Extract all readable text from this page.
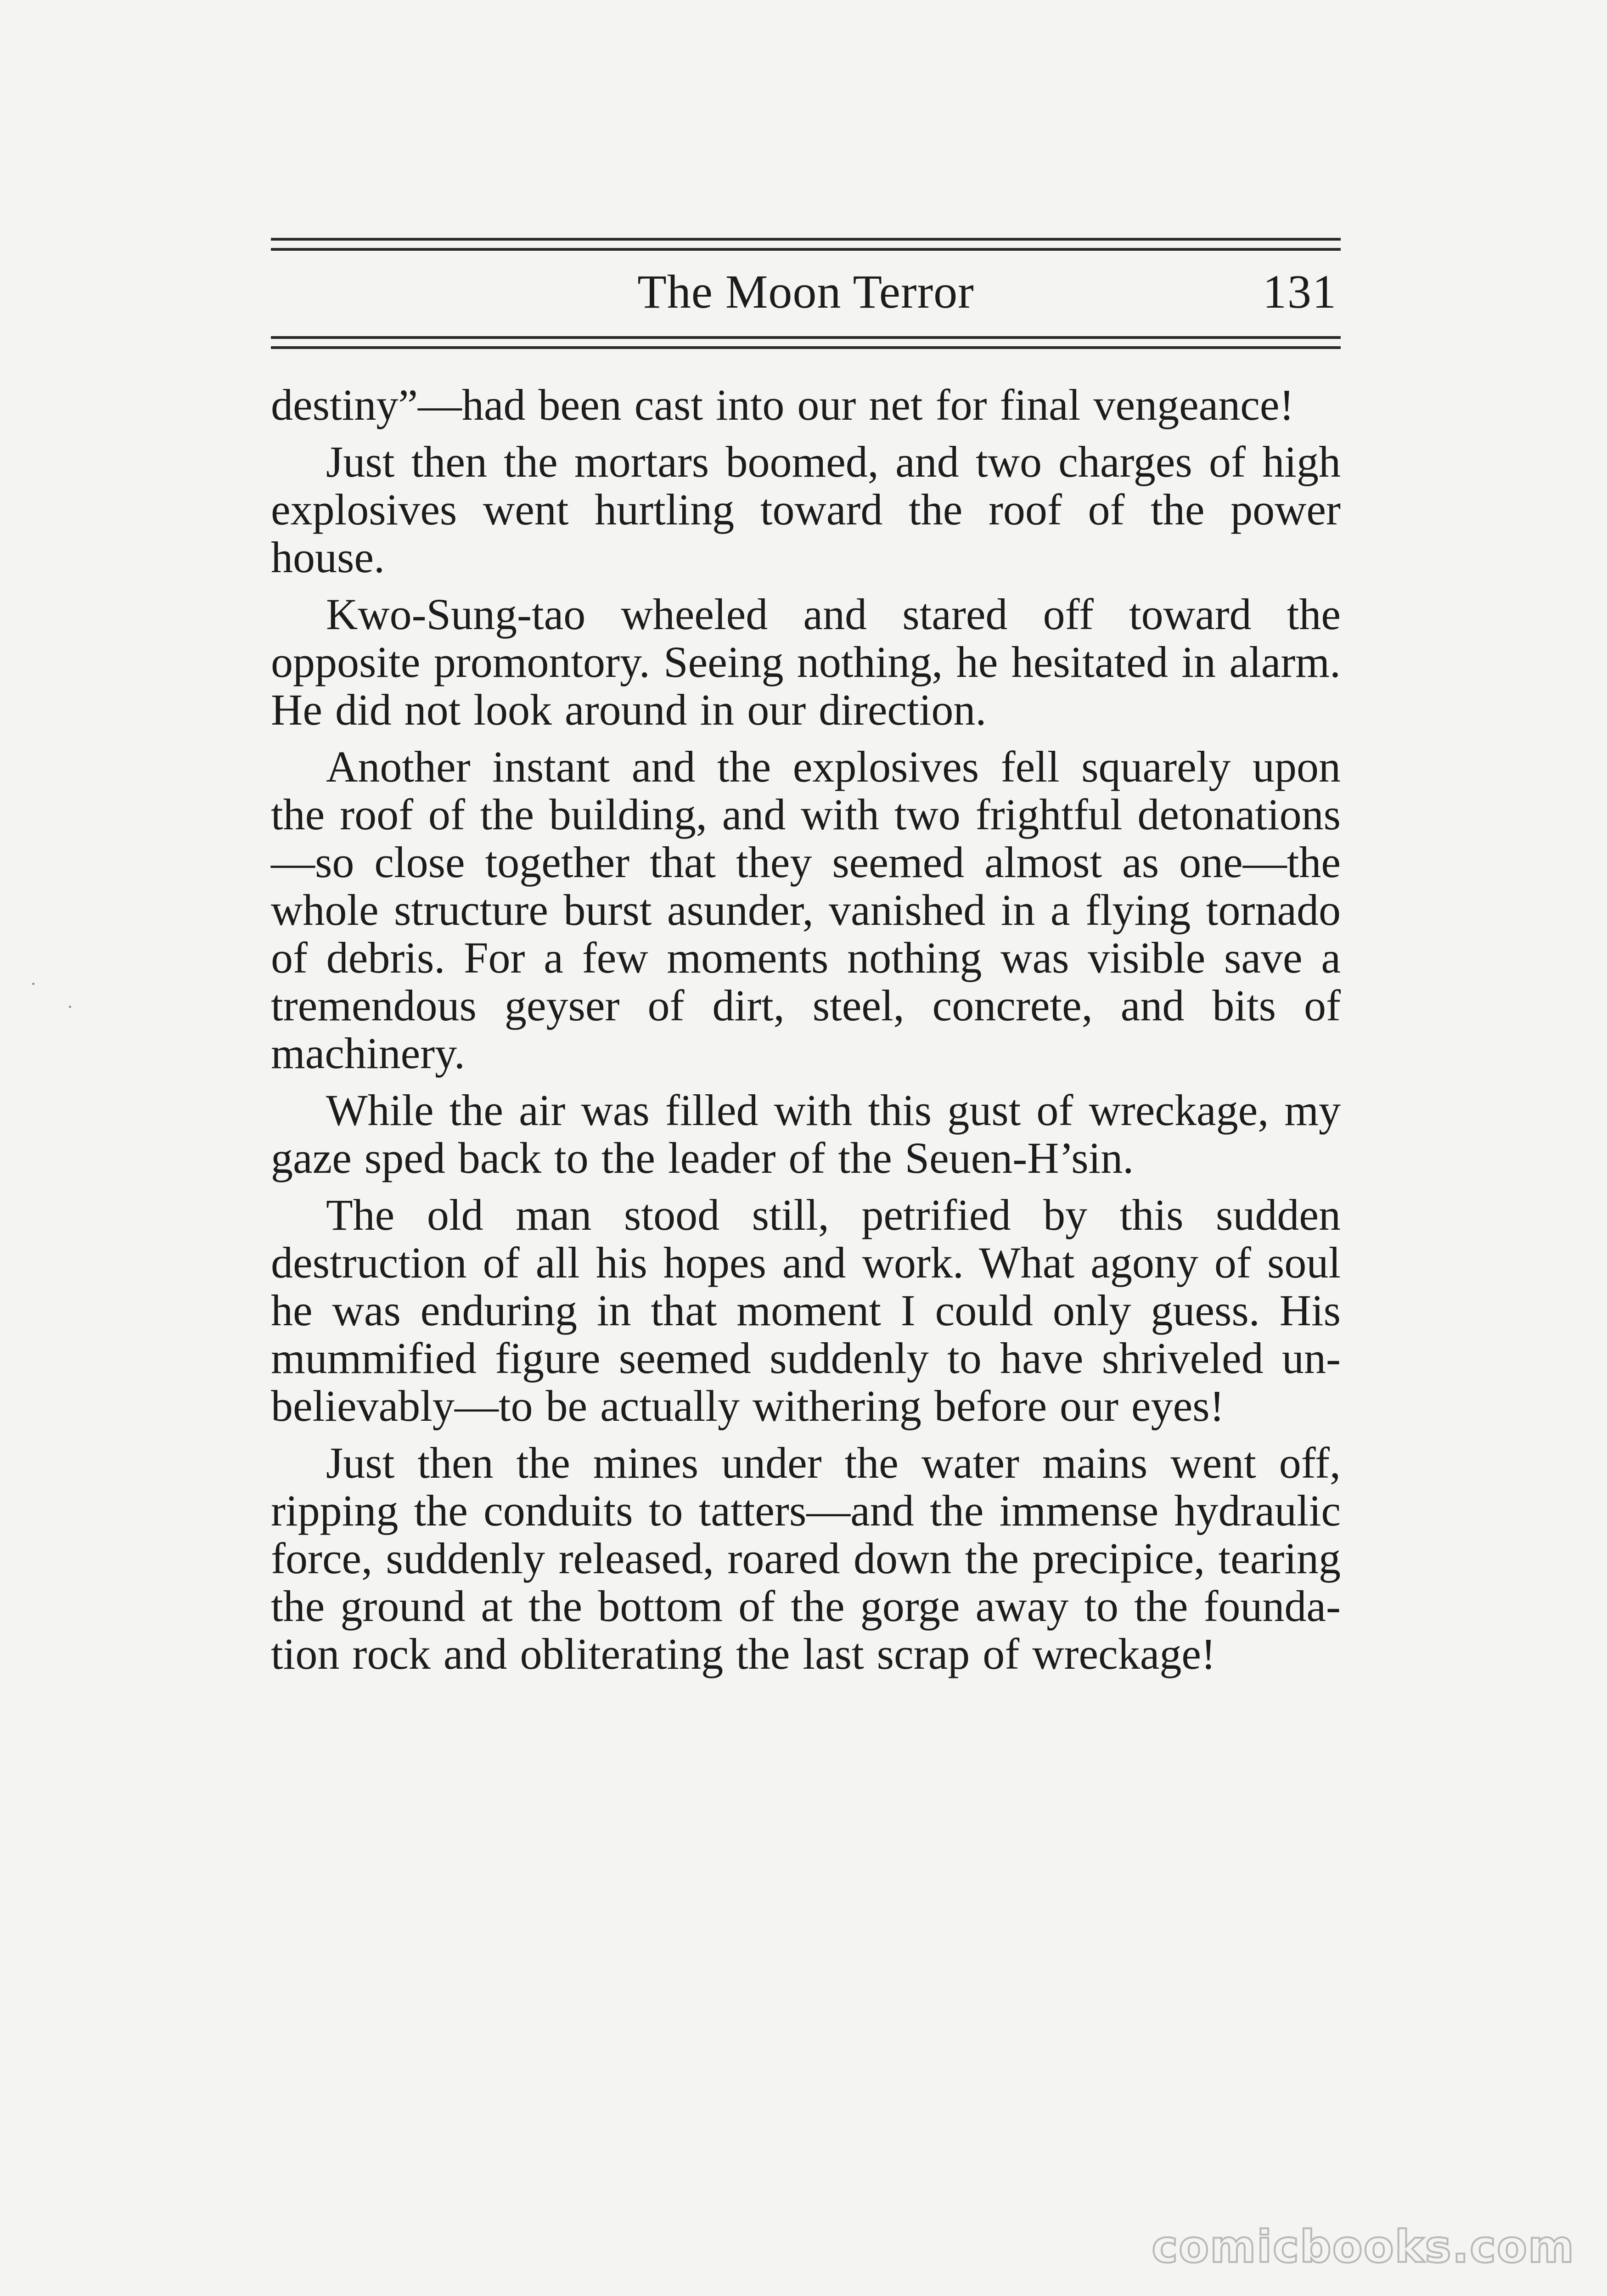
The Moon Terror	131

destiny”—had been cast into our net for final vengeance!

Just then the mortars boomed, and two charges of high explosives went hurtling toward the roof of the power house.

Kwo-Sung-tao wheeled and stared off toward the opposite promontory. Seeing nothing, he hesitated in alarm. He did not look around in our direction.

Another instant and the explosives fell squarely upon the roof of the building, and with two frightful detonations—so close together that they seemed almost as one—the whole structure burst asunder, vanished in a flying tornado of debris. For a few moments nothing was visible save a tremendous geyser of dirt, steel, concrete, and bits of machinery.

While the air was filled with this gust of wreckage, my gaze sped back to the leader of the Seuen-H’sin.

The old man stood still, petrified by this sudden destruction of all his hopes and work. What agony of soul he was enduring in that moment I could only guess. His mummified figure seemed suddenly to have shriveled unbelievably—to be actually withering before our eyes!

Just then the mines under the water mains went off, ripping the conduits to tatters—and the immense hydraulic force, suddenly released, roared down the precipice, tearing the ground at the bottom of the gorge away to the foundation rock and obliterating the last scrap of wreckage!

comicbooks.com
